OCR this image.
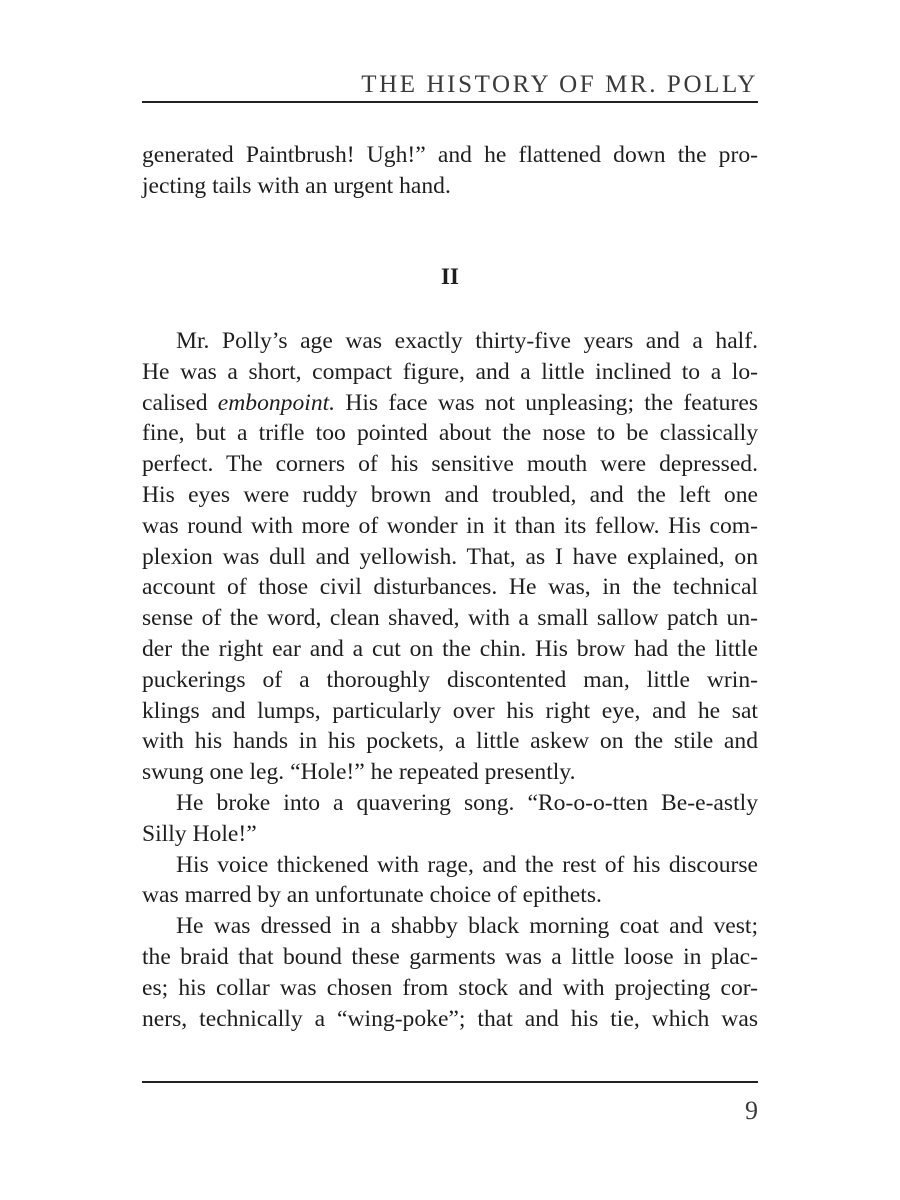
THE HISTORY OF MR. POLLY
generated Paintbrush! Ugh!” and he flattened down the pro-
jecting tails with an urgent hand.
II
Mr. Polly’s age was exactly thirty-five years and a half.
He was a short, compact figure, and a little inclined to a lo-
calised embonpoint. His face was not unpleasing; the features
fine, but a trifle too pointed about the nose to be classically
perfect. The corners of his sensitive mouth were depressed.
His eyes were ruddy brown and troubled, and the left one
was round with more of wonder in it than its fellow. His com-
plexion was dull and yellowish. That, as I have explained, on
account of those civil disturbances. He was, in the technical
sense of the word, clean shaved, with a small sallow patch un-
der the right ear and a cut on the chin. His brow had the little
puckerings of a thoroughly discontented man, little wrin-
klings and lumps, particularly over his right eye, and he sat
with his hands in his pockets, a little askew on the stile and
swung one leg. “Hole!” he repeated presently.
He broke into a quavering song. “Ro-o-o-tten Be-e-astly
Silly Hole!”
His voice thickened with rage, and the rest of his discourse
was marred by an unfortunate choice of epithets.
He was dressed in a shabby black morning coat and vest;
the braid that bound these garments was a little loose in plac-
es; his collar was chosen from stock and with projecting cor-
ners, technically a “wing-poke”; that and his tie, which was
9
